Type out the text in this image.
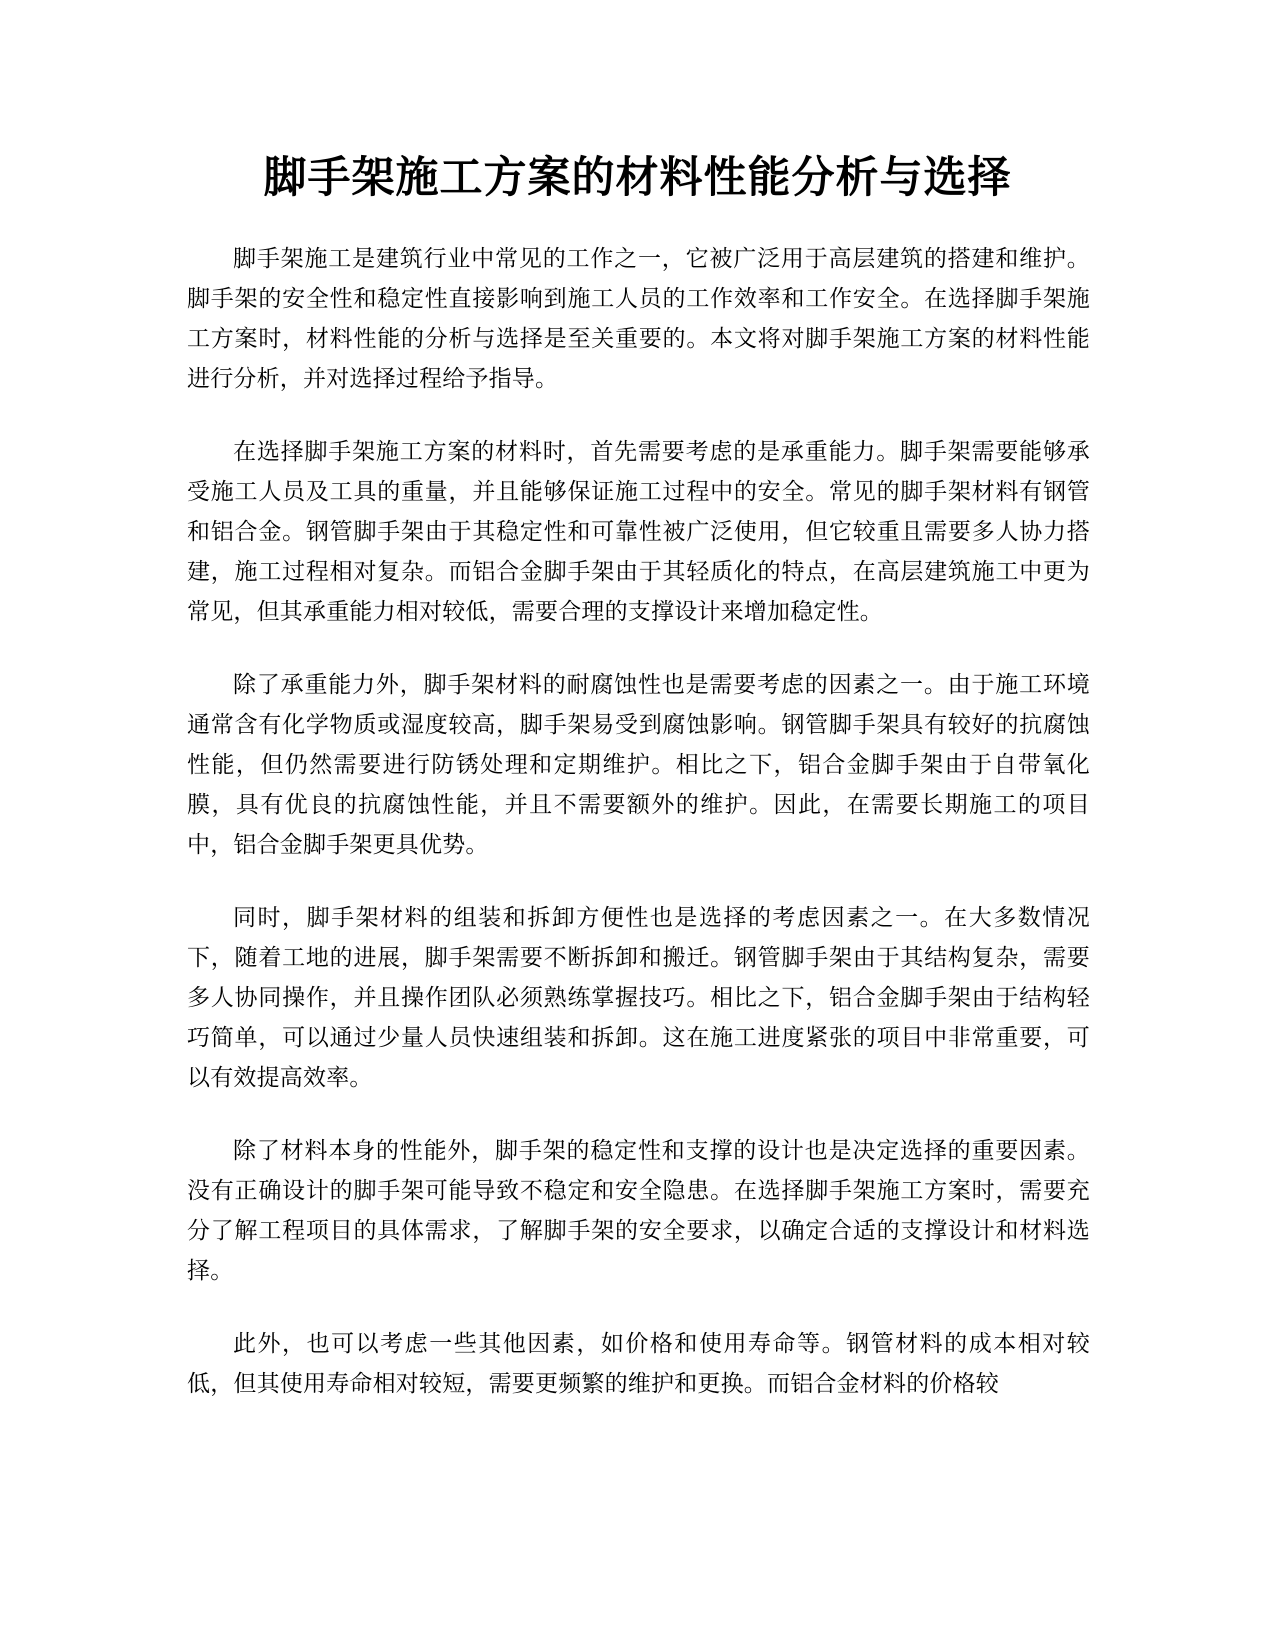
脚手架施工方案的材料性能分析与选择

脚手架施工是建筑行业中常见的工作之一，它被广泛用于高层建筑的搭建和维护。脚手架的安全性和稳定性直接影响到施工人员的工作效率和工作安全。在选择脚手架施工方案时，材料性能的分析与选择是至关重要的。本文将对脚手架施工方案的材料性能进行分析，并对选择过程给予指导。

在选择脚手架施工方案的材料时，首先需要考虑的是承重能力。脚手架需要能够承受施工人员及工具的重量，并且能够保证施工过程中的安全。常见的脚手架材料有钢管和铝合金。钢管脚手架由于其稳定性和可靠性被广泛使用，但它较重且需要多人协力搭建，施工过程相对复杂。而铝合金脚手架由于其轻质化的特点，在高层建筑施工中更为常见，但其承重能力相对较低，需要合理的支撑设计来增加稳定性。

除了承重能力外，脚手架材料的耐腐蚀性也是需要考虑的因素之一。由于施工环境通常含有化学物质或湿度较高，脚手架易受到腐蚀影响。钢管脚手架具有较好的抗腐蚀性能，但仍然需要进行防锈处理和定期维护。相比之下，铝合金脚手架由于自带氧化膜，具有优良的抗腐蚀性能，并且不需要额外的维护。因此，在需要长期施工的项目中，铝合金脚手架更具优势。

同时，脚手架材料的组装和拆卸方便性也是选择的考虑因素之一。在大多数情况下，随着工地的进展，脚手架需要不断拆卸和搬迁。钢管脚手架由于其结构复杂，需要多人协同操作，并且操作团队必须熟练掌握技巧。相比之下，铝合金脚手架由于结构轻巧简单，可以通过少量人员快速组装和拆卸。这在施工进度紧张的项目中非常重要，可以有效提高效率。

除了材料本身的性能外，脚手架的稳定性和支撑的设计也是决定选择的重要因素。没有正确设计的脚手架可能导致不稳定和安全隐患。在选择脚手架施工方案时，需要充分了解工程项目的具体需求，了解脚手架的安全要求，以确定合适的支撑设计和材料选择。

此外，也可以考虑一些其他因素，如价格和使用寿命等。钢管材料的成本相对较低，但其使用寿命相对较短，需要更频繁的维护和更换。而铝合金材料的价格较
